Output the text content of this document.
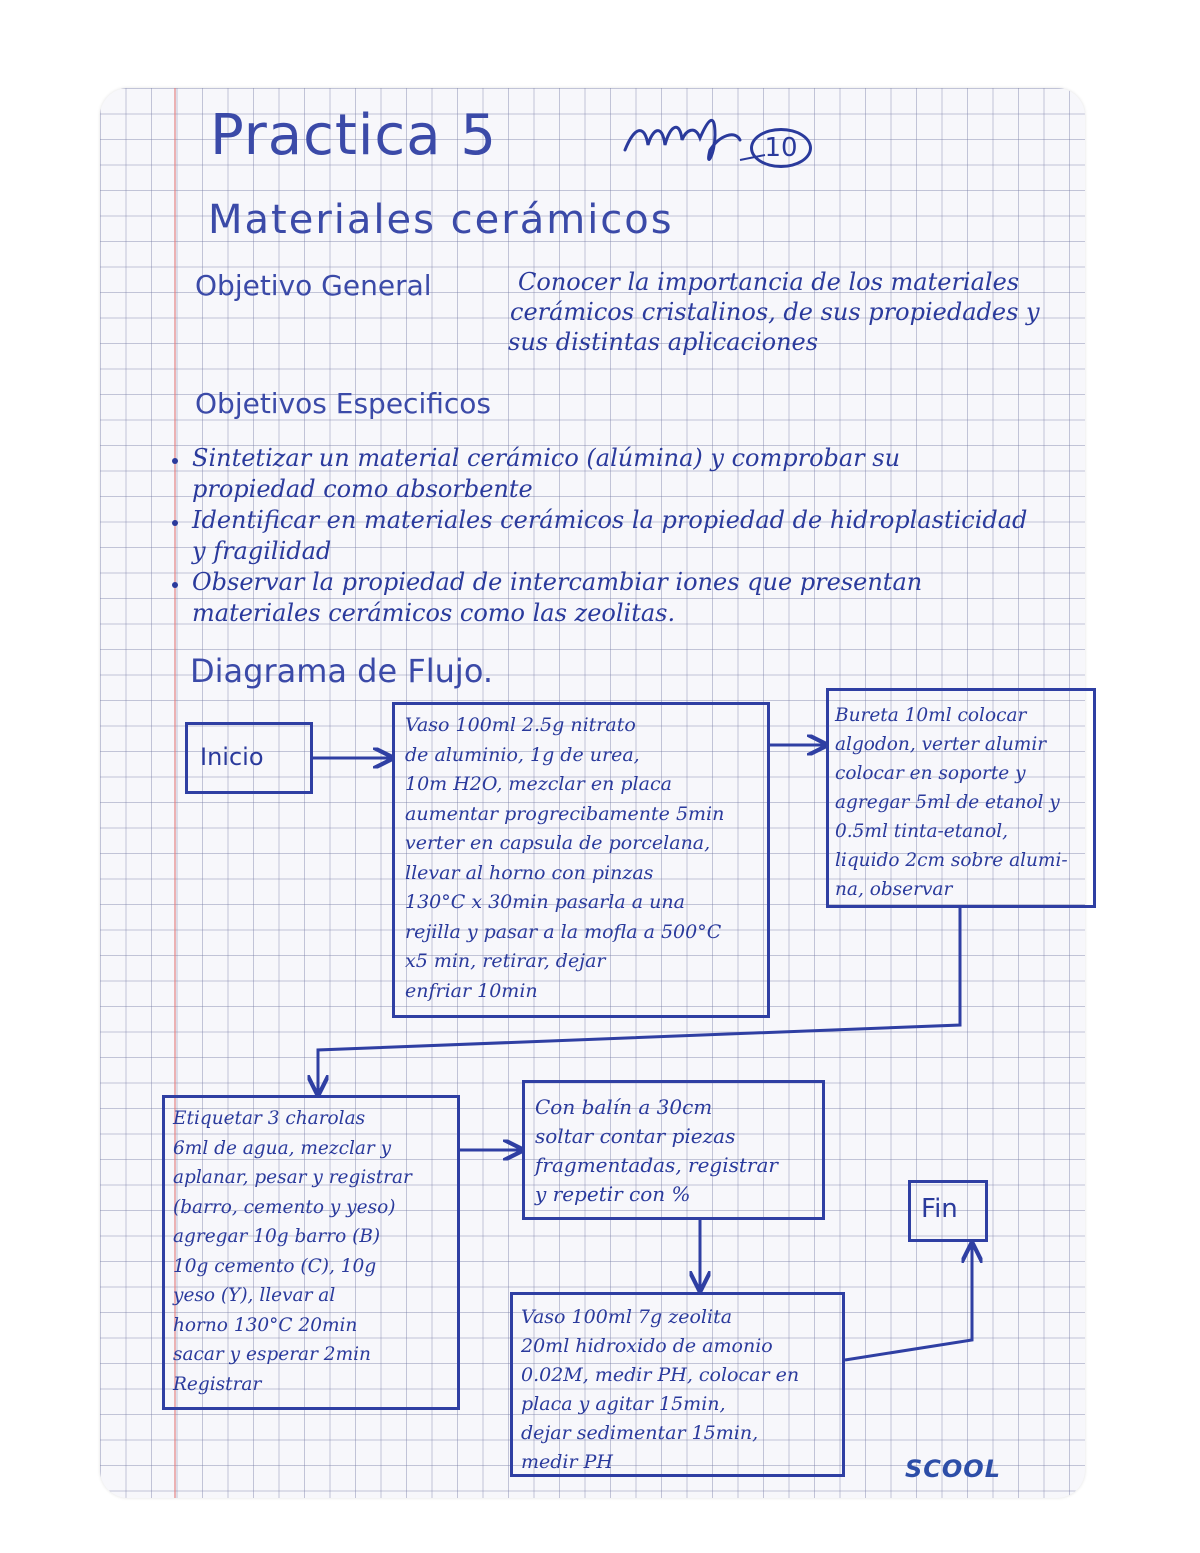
Practica 5	10
Materiales cerámicos
Objetivo General	Conocer la importancia de los materiales
cerámicos cristalinos, de sus propiedades y
sus distintas aplicaciones
Objetivos Especificos
Sintetizar un material cerámico (alúmina) y comprobar su
propiedad como absorbente
Identificar en materiales cerámicos la propiedad de hidroplasticidad
y fragilidad
Observar la propiedad de intercambiar iones que presentan
materiales cerámicos como las zeolitas.
Diagrama de Flujo.
Inicio
Vaso 100ml 2.5g nitrato
de aluminio, 1g de urea,
10m H2O, mezclar en placa
aumentar progrecibamente 5min
verter en capsula de porcelana,
llevar al horno con pinzas
130°C x 30min pasarla a una
rejilla y pasar a la mofla a 500°C
x5 min, retirar, dejar
enfriar 10min
Bureta 10ml colocar
algodon, verter alumir
colocar en soporte y
agregar 5ml de etanol y
0.5ml tinta-etanol,
liquido 2cm sobre alumi-
na, observar
Etiquetar 3 charolas
6ml de agua, mezclar y
aplanar, pesar y registrar
(barro, cemento y yeso)
agregar 10g barro (B)
10g cemento (C), 10g
yeso (Y), llevar al
horno 130°C 20min
sacar y esperar 2min
Registrar
Con balín a 30cm
soltar contar piezas
fragmentadas, registrar
y repetir con %
Vaso 100ml 7g zeolita
20ml hidroxido de amonio
0.02M, medir PH, colocar en
placa y agitar 15min,
dejar sedimentar 15min,
medir PH
Fin
SCOOL
